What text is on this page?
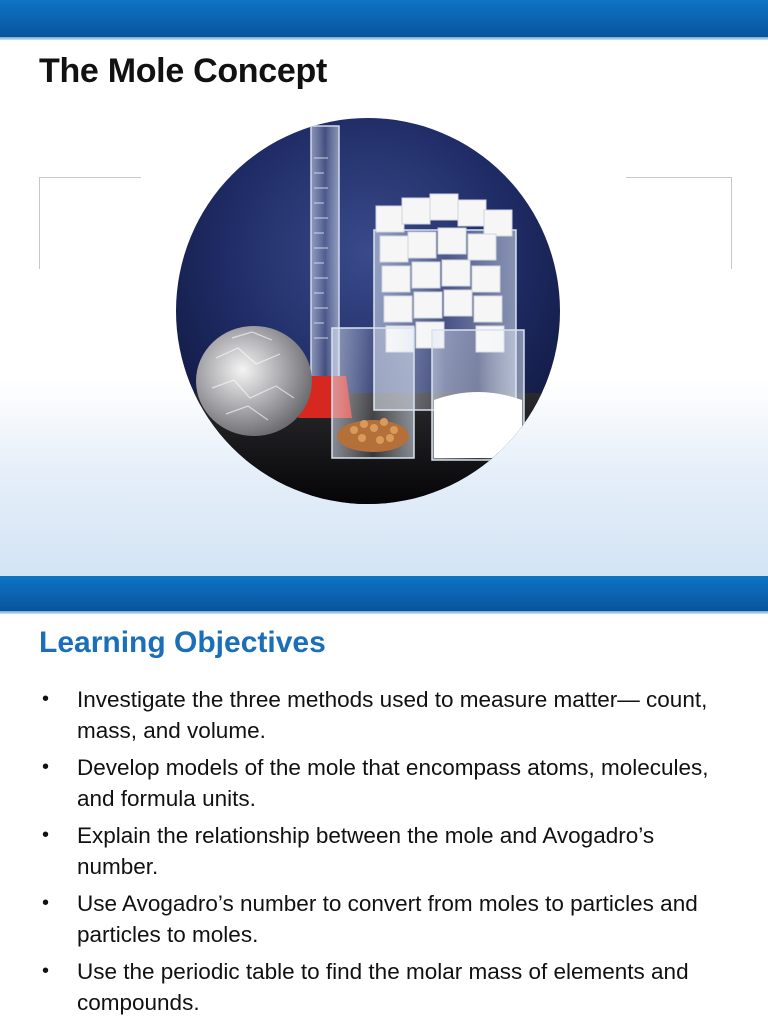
The Mole Concept
Learning Objectives
• Investigate the three methods used to measure matter— count, mass, and volume.
• Develop models of the mole that encompass atoms, molecules, and formula units.
• Explain the relationship between the mole and Avogadro’s number.
• Use Avogadro’s number to convert from moles to particles and particles to moles.
• Use the periodic table to find the molar mass of elements and compounds.
